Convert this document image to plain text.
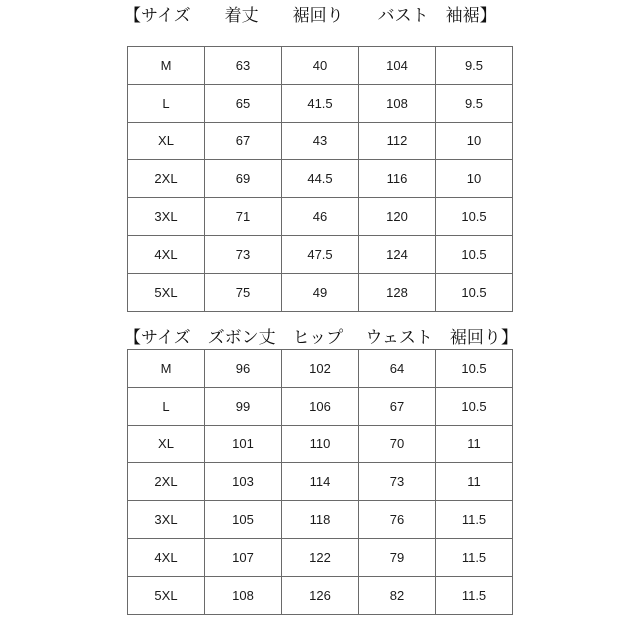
【サイズ　　着丈　　裾回り　　バスト　袖裾】
M	63	40	104	9.5
L	65	41.5	108	9.5
XL	67	43	112	10
2XL	69	44.5	116	10
3XL	71	46	120	10.5
4XL	73	47.5	124	10.5
5XL	75	49	128	10.5
【サイズ　ズボン丈　ヒップ　 ウェスト　裾回り】
M	96	102	64	10.5
L	99	106	67	10.5
XL	101	110	70	11
2XL	103	114	73	11
3XL	105	118	76	11.5
4XL	107	122	79	11.5
5XL	108	126	82	11.5
